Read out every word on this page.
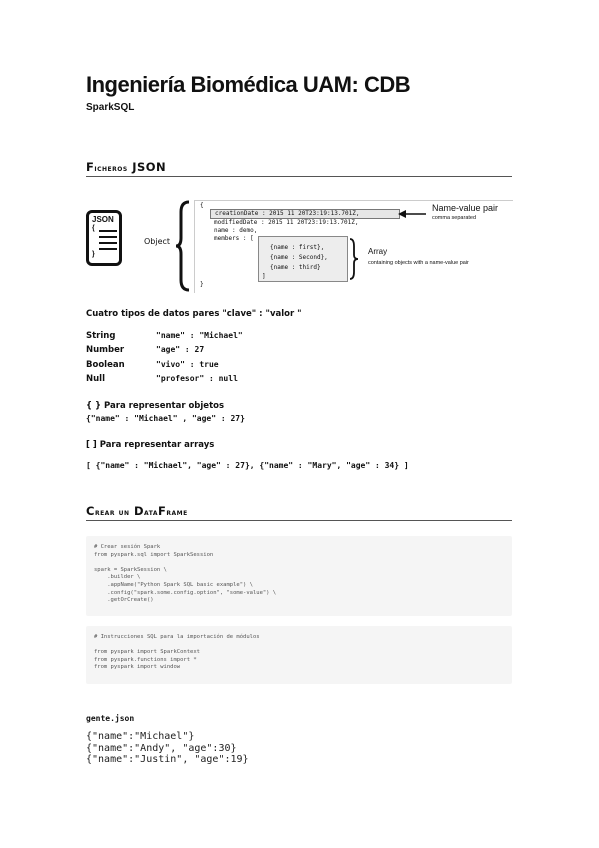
Ingeniería Biomédica UAM: CDB
SparkSQL
Ficheros JSON
JSON
{
}
Object
{
creationDate : 2015 11 20T23:19:13.701Z,
modifiedDate : 2015 11 20T23:19:13.701Z,
name : demo,
members : [
{name : first},
{name : Second},
{name : third}
]
}
Name-value pair
comma separated
Array
containing objects with a name-value pair
Cuatro tipos de datos pares "clave" : "valor "
String	"name" : "Michael"
Number	"age" : 27
Boolean	"vivo" : true
Null	"profesor" : null
{ } Para representar objetos
{"name" : "Michael" , "age" : 27}
[ ] Para representar arrays
[ {"name" : "Michael", "age" : 27}, {"name" : "Mary", "age" : 34} ]
Crear un DataFrame
# Crear sesión Spark
from pyspark.sql import SparkSession

spark = SparkSession \
.builder \
.appName("Python Spark SQL basic example") \
.config("spark.some.config.option", "some-value") \
.getOrCreate()
# Instrucciones SQL para la importación de módulos

from pyspark import SparkContext
from pyspark.functions import *
from pyspark import window
gente.json
{"name":"Michael"}
{"name":"Andy", "age":30}
{"name":"Justin", "age":19}
